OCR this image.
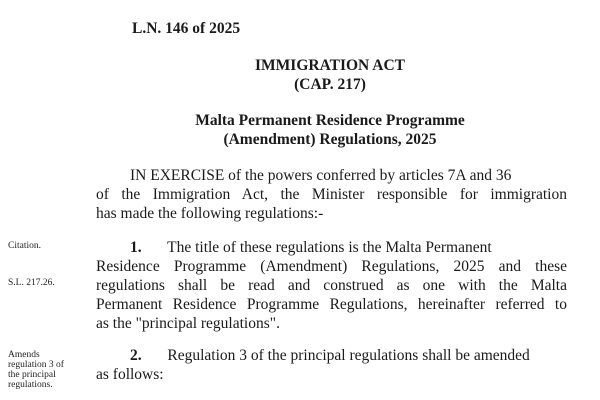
L.N. 146 of 2025
IMMIGRATION ACT
(CAP. 217)
Malta Permanent Residence Programme
(Amendment) Regulations, 2025
IN EXERCISE of the powers conferred by articles 7A and 36
of the Immigration Act, the Minister responsible for immigration
has made the following regulations:-
Citation.
S.L. 217.26.
1. The title of these regulations is the Malta Permanent
Residence Programme (Amendment) Regulations, 2025 and these
regulations shall be read and construed as one with the Malta
Permanent Residence Programme Regulations, hereinafter referred to
as the "principal regulations".
Amends
regulation 3 of
the principal
regulations.
2. Regulation 3 of the principal regulations shall be amended
as follows:
